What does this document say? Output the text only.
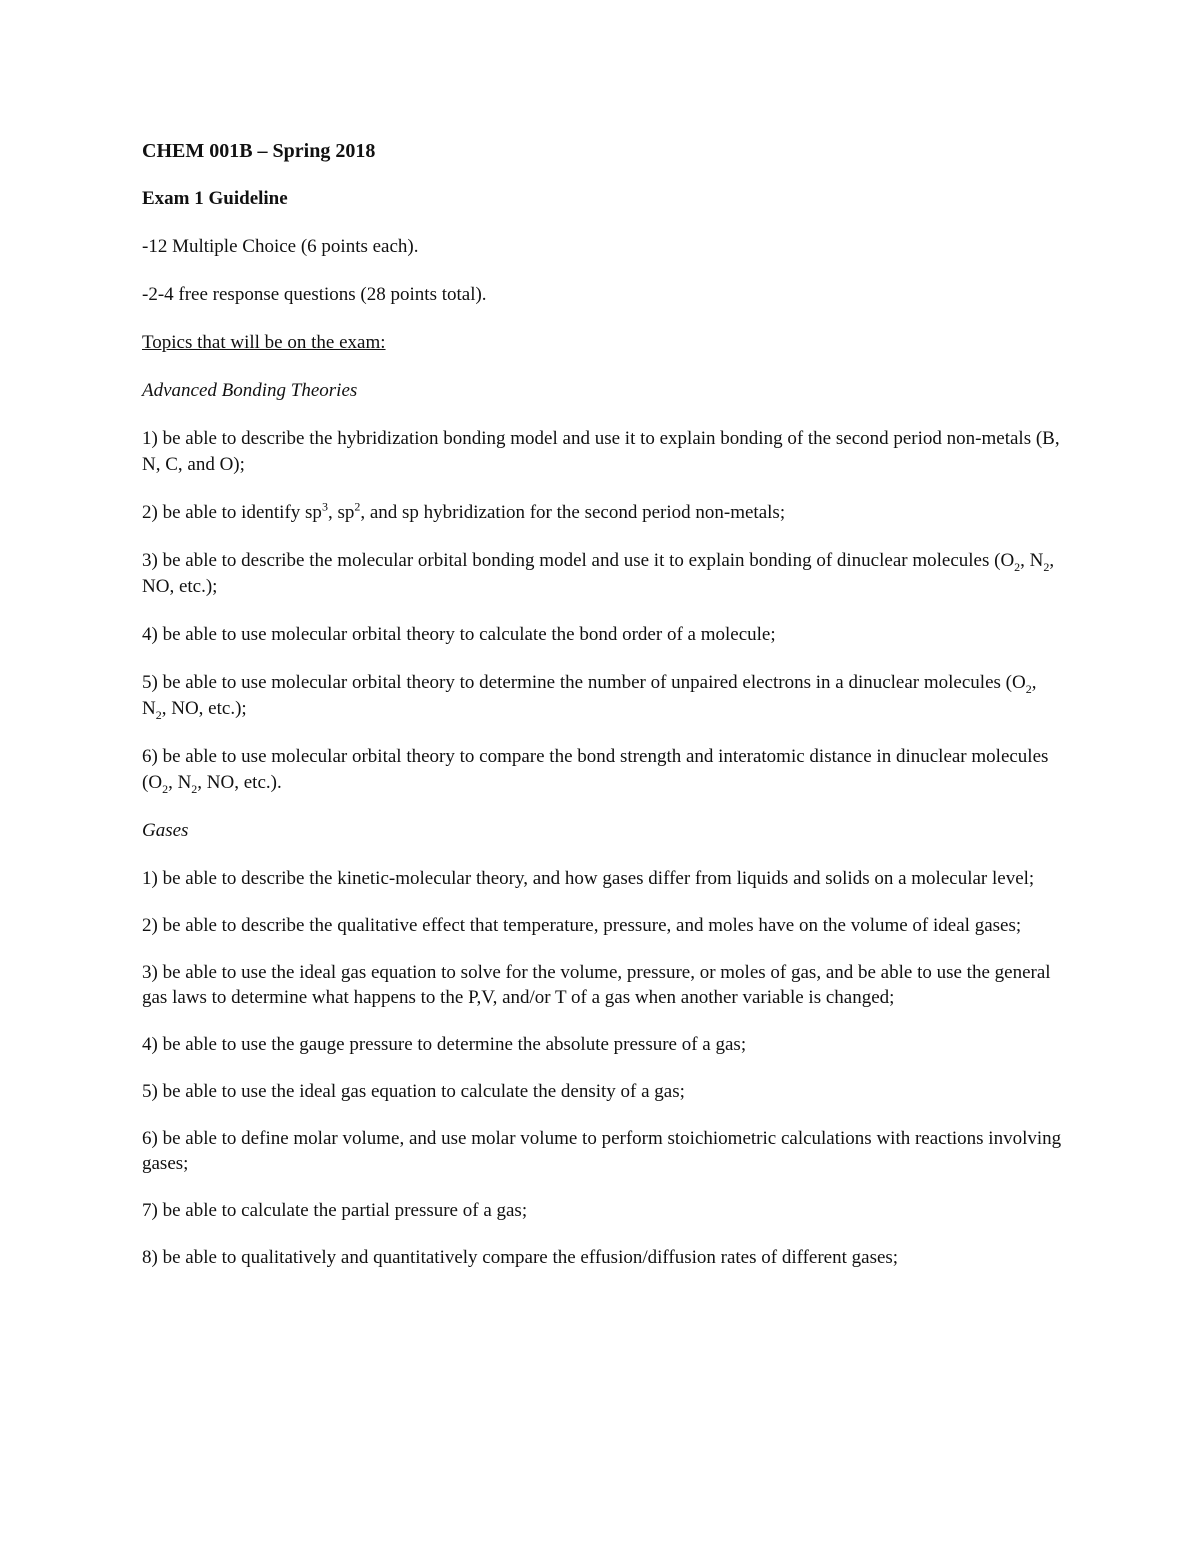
CHEM 001B – Spring 2018

Exam 1 Guideline

-12 Multiple Choice (6 points each).

-2-4 free response questions (28 points total).

Topics that will be on the exam:

Advanced Bonding Theories

1) be able to describe the hybridization bonding model and use it to explain bonding of the second period non-metals (B, N, C, and O);

2) be able to identify $sp^3$, $sp^2$, and sp hybridization for the second period non-metals;

3) be able to describe the molecular orbital bonding model and use it to explain bonding of dinuclear molecules ($O_2$, $N_2$, NO, etc.);

4) be able to use molecular orbital theory to calculate the bond order of a molecule;

5) be able to use molecular orbital theory to determine the number of unpaired electrons in a dinuclear molecules ($O_2$, $N_2$, NO, etc.);

6) be able to use molecular orbital theory to compare the bond strength and interatomic distance in dinuclear molecules ($O_2$, $N_2$, NO, etc.).

Gases

1) be able to describe the kinetic-molecular theory, and how gases differ from liquids and solids on a molecular level;

2) be able to describe the qualitative effect that temperature, pressure, and moles have on the volume of ideal gases;

3) be able to use the ideal gas equation to solve for the volume, pressure, or moles of gas, and be able to use the general gas laws to determine what happens to the P,V, and/or T of a gas when another variable is changed;

4) be able to use the gauge pressure to determine the absolute pressure of a gas;

5) be able to use the ideal gas equation to calculate the density of a gas;

6) be able to define molar volume, and use molar volume to perform stoichiometric calculations with reactions involving gases;

7) be able to calculate the partial pressure of a gas;

8) be able to qualitatively and quantitatively compare the effusion/diffusion rates of different gases;
